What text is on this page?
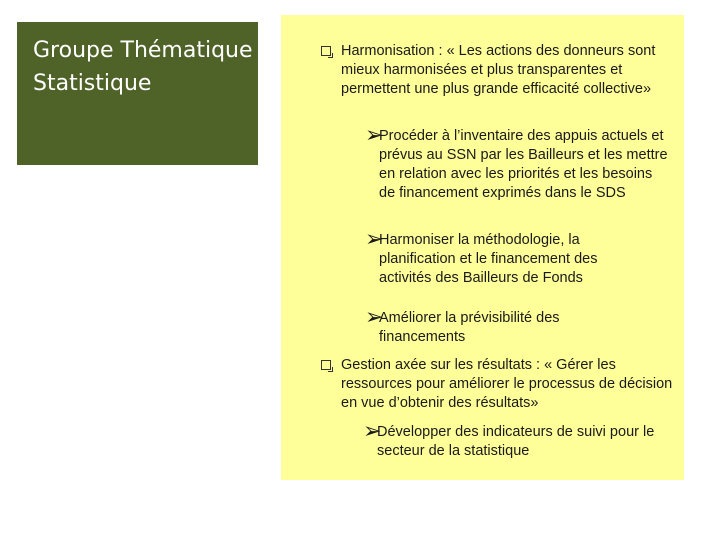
Groupe Thématique Statistique
Harmonisation : « Les actions des donneurs sont mieux harmonisées et plus transparentes et permettent une plus grande efficacité collective»
➢
Procéder à l’inventaire des appuis actuels et prévus au SSN par les Bailleurs et les mettre en relation avec les priorités et les besoins de financement exprimés dans le SDS
➢
Harmoniser la méthodologie, la planification et le financement des activités des Bailleurs de Fonds
➢
Améliorer la prévisibilité des financements
Gestion axée sur les résultats : « Gérer les ressources pour améliorer le processus de décision en vue d’obtenir des résultats»
➢
Développer des indicateurs de suivi pour le secteur de la statistique
